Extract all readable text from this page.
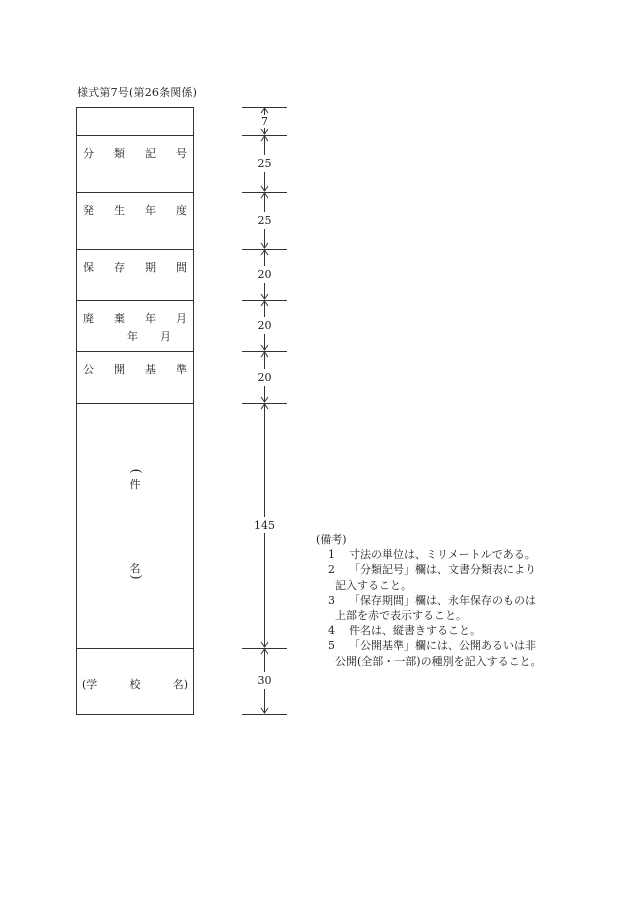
様式第7号(第26条関係)
分 類 記 号
発 生 年 度
保 存 期 間
廃 棄 年 月
年 月
公 開 基 準
(
件
名
)
(学	校	名)
7
25
25
20
20
20
145
30
(備考)
1 寸法の単位は、ミリメートルである。
2 「分類記号」欄は、文書分類表により
記入すること。
3 「保存期間」欄は、永年保存のものは
上部を赤で表示すること。
4 件名は、縦書きすること。
5 「公開基準」欄には、公開あるいは非
公開(全部・一部)の種別を記入すること。
